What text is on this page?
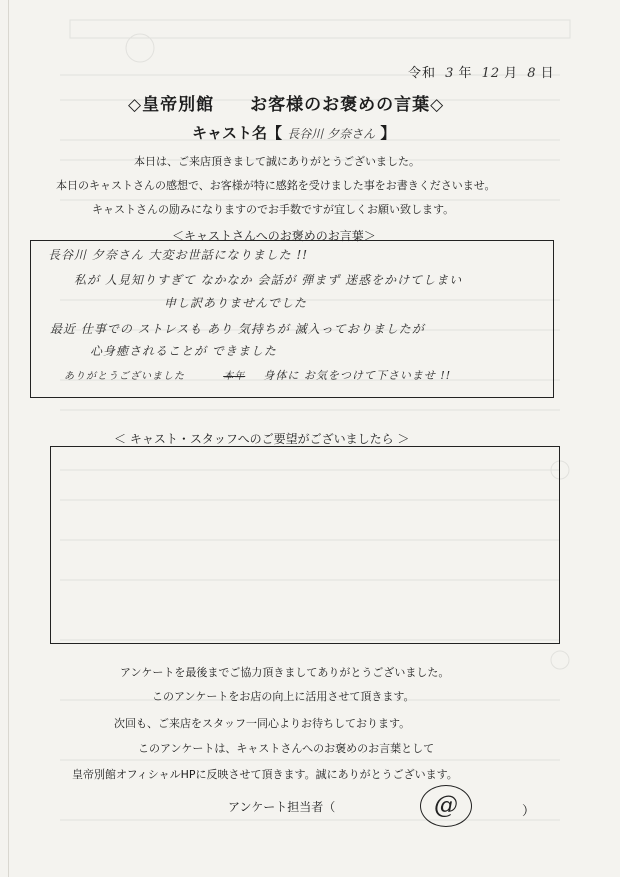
令和 3 年 12 月 8 日
◇皇帝別館　　お客様のお褒めの言葉◇
キャスト名【 長谷川 夕奈さん 】

本日は、ご来店頂きまして誠にありがとうございました。

本日のキャストさんの感想で、お客様が特に感銘を受けました事をお書きくださいませ。

キャストさんの励みになりますのでお手数ですが宜しくお願い致します。

＜キャストさんへのお褒めのお言葉＞
長谷川 夕奈さん 大変お世話になりました !!
私が 人見知りすぎて なかなか 会話が 弾まず 迷惑をかけてしまい
申し訳ありませんでした
最近 仕事での ストレスも あり 気持ちが 滅入っておりましたが
心身癒されることが できました
ありがとうございました	本年 身体に お気をつけて下さいませ !!
＜ キャスト・スタッフへのご要望がございましたら ＞

アンケートを最後までご協力頂きましてありがとうございました。

このアンケートをお店の向上に活用させて頂きます。

次回も、ご来店をスタッフ一同心よりお待ちしております。

このアンケートは、キャストさんへのお褒めのお言葉として

皇帝別館オフィシャルHPに反映させて頂きます。誠にありがとうございます。

アンケート担当者（	@	）
